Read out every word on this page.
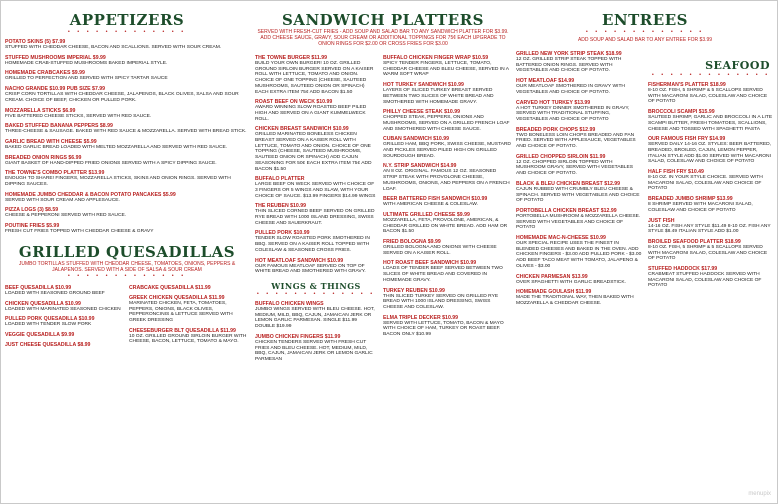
APPETIZERS
• • • • • • • • • • • • •
POTATO SKINS (5) $7.99
STUFFED WITH CHEDDAR CHEESE, BACON AND SCALLIONS. SERVED WITH SOUR CREAM.
STUFFED MUSHROOMS IMPERIAL $9.99
HOMEMADE CRAB-STUFFED MUSHROOMS BAKED IMPERIAL STYLE.
HOMEMADE CRABCAKES $9.99
GRILLED TO PERFECTION AND SERVED WITH SPICY TARTAR SAUCE
NACHO GRANDE $10.99 PUB SIZE $7.99
CRISP CORN TORTILLAS WITH CHEDDAR CHEESE, JALAPENOS, BLACK OLIVES, SALSA AND SOUR CREAM. CHOICE OF BEEF, CHICKEN OR PULLED PORK.
MOZZARELLA STICKS $6.99
FIVE BATTERED CHEESE STICKS, SERVED WITH RED SAUCE.
BAKED STUFFED BANANA PEPPERS $8.99
THREE-CHEESE & SAUSAGE. BAKED WITH RED SAUCE & MOZZARELLA. SERVED WITH BREAD STICK.
GARLIC BREAD WITH CHEESE $5.99
BAKED GARLIC BREAD LOADED WITH MELTED MOZZARELLA AND SERVED WITH RED SAUCE.
BREADED ONION RINGS $6.99
GIANT BASKET OF HAND-DIPPED FRIED ONIONS SERVED WITH A SPICY DIPPING SAUCE.
THE TOWNE'S COMBO PLATTER $13.99
ENOUGH TO SHARE! FINGERS, MOZZARELLA STICKS, SKINS AND ONION RINGS. SERVED WITH DIPPING SAUCES.
HOMEMADE JUMBO CHEDDAR & BACON POTATO PANCAKES $5.99
SERVED WITH SOUR CREAM AND APPLESAUCE.
PIZZA LOGS (3) $8.59
CHEESE & PEPPERONI SERVED WITH RED SAUCE.
POUTINE FRIES $5.99
FRESH CUT FRIES TOPPED WITH CHEDDAR CHEESE & GRAVY
GRILLED QUESADILLAS
JUMBO TORTILLAS STUFFED WITH CHEDDAR CHEESE, TOMATOES, ONIONS, PEPPERS & JALAPENOS. SERVED WITH A SIDE OF SALSA & SOUR CREAM
• • • • • • • • • • • • •
BEEF QUESADILLA $10.99
LOADED WITH SEASONED GROUND BEEF
CHICKEN QUESADILLA $10.99
LOADED WITH MARINATED SEASONED CHICKEN
PULLED PORK QUESADILLA $10.99
LOADED WITH TENDER SLOW PORK
VEGGIE QUESADILLA $9.99
JUST CHEESE QUESADILLA $8.99
CRABCAKE QUESADILLA $11.99
GREEK CHICKEN QUESADILLA $11.99
MARINATED CHICKEN, FETA, TOMATOES, PEPPERS, ONIONS, BLACK OLIVES, PEPPERONCINIS & LETTUCE SERVED WITH GREEK DRESSING
CHEESEBURGER BLT QUESADILLA $11.99
10 OZ. GRILLED GROUND SIRLOIN BURGER WITH CHEESE, BACON, LETTUCE, TOMATO & MAYO.
SANDWICH PLATTERS
SERVED WITH FRESH-CUT FRIES - ADD SOUP AND SALAD BAR TO ANY SANDWICH PLATTER FOR $3.99. ADD CHEESE SAUCE, GRAVY, SOUR CREAM OR ADDITIONAL TOPPINGS FOR 75¢ EACH UPGRADE TO ONION RINGS FOR $2.00 OR CROSS FRIES FOR $3.00
THE TOWNE BURGER $11.99
BUILD YOUR OWN BURGER! 10 OZ. GRILLED GROUND SIRLOIN BURGER SERVED ON A KAISER ROLL WITH LETTUCE, TOMATO AND ONION. CHOICE OF ONE TOPPING (CHEESE, SAUTEED MUSHROOMS, SAUTEED ONION OR SPINACH) EACH EXTRA ITEM 75¢ ADD BACON $1.50
ROAST BEEF ON WECK $10.99
AWARD WINNING SLOW ROASTED BEEF PILED HIGH AND SERVED ON A GIANT KUMMELWECK ROLL.
CHICKEN BREAST SANDWICH $10.99
GRILLED MARINATED BONELESS CHICKEN BREAST SERVED ON A KAISER ROLL WITH LETTUCE, TOMATO AND ONION. CHOICE OF ONE TOPPING (CHEESE, SAUTEED MUSHROOMS, SAUTEED ONION OR SPINACH) ADD CAJUN SEASONING FOR 50¢ EACH EXTRA ITEM 75¢ ADD BACON $1.50
BUFFALO PLATTER
LARGE BEEF ON WECK SERVED WITH CHOICE OF 3 FINGERS OR 5 WINGS AND SLAW, WITH YOUR CHOICE OF SAUCE. $13.99 FINGERS $14.99 WINGS
THE REUBEN $10.99
THIN SLICED CORNED BEEF SERVED ON GRILLED RYE BREAD WITH 1000 ISLAND DRESSING, SWISS CHEESE AND SAUERKRAUT.
PULLED PORK $10.99
TENDER SLOW ROASTED PORK SMOTHERED IN BBQ. SERVED ON A KAISER ROLL TOPPED WITH COLESLAW & SEASONED CROSS FRIES.
HOT MEATLOAF SANDWICH $10.99
OUR FAMOUS MEATLOAF SERVED ON TOP OF WHITE BREAD AND SMOTHERED WITH GRAVY.
WINGS & THINGS
• • • • • • • • • • • • •
BUFFALO CHICKEN WINGS
JUMBO WINGS SERVED WITH BLEU CHEESE. HOT, MEDIUM, MILD, BBQ, CAJUN, JAMAICAN JERK OR LEMON GARLIC PARMESAN. SINGLE $11.99 DOUBLE $19.99
JUMBO CHICKEN FINGERS $11.99
CHICKEN TENDERS SERVED WITH FRESH CUT FRIES AND BLEU CHEESE. HOT, MEDIUM, MILD, BBQ, CAJUN, JAMAICAN JERK OR LEMON GARLIC PARMESAN
BUFFALO CHICKEN FINGER WRAP $10.59
SPICY TENDER FINGERS, LETTUCE, TOMATO, CHEDDAR CHEESE AND BLEU CHEESE, SERVED IN A WARM SOFT WRAP
HOT TURKEY SANDWICH $10.99
LAYERS OF SLICED TURKEY BREAST SERVED BETWEEN TWO SLICES OF WHITE BREAD AND SMOTHERED WITH HOMEMADE GRAVY.
PHILLY CHEESE STEAK $10.99
CHOPPED STEAK, PEPPERS, ONIONS AND MUSHROOMS, SERVED ON A GRILLED FRENCH LOAF AND SMOTHERED WITH CHEESE SAUCE.
CUBAN SANDWICH $10.99
GRILLED HAM, BBQ PORK, SWISS CHEESE, MUSTARD AND PICKLES SERVED PILED HIGH ON GRILLED SOURDOUGH BREAD.
N.Y. STRIP SANDWICH $14.99
AN 8 OZ. ORIGINAL. FAMOUS 12 OZ. SEASONED STRIP STEAK WITH PROVOLONE CHEESE, MUSHROOMS, ONIONS, AND PEPPERS ON A FRENCH LOAF.
BEER BATTERED FISH SANDWICH $10.99
WITH AMERICAN CHEESE & COLESLAW.
ULTIMATE GRILLED CHEESE $9.99
MOZZARELLA, FETA, PROVOLONE, AMERICAN, & CHEDDAR GRILLED ON WHITE BREAD. ADD HAM OR BACON $1.50
FRIED BOLOGNA $9.99
GRILLED BOLOGNA AND ONIONS WITH CHEESE SERVED ON A KAISER ROLL.
HOT ROAST BEEF SANDWICH $10.99
LOADS OF TENDER BEEF SERVED BETWEEN TWO SLICES OF WHITE BREAD AND COVERED IN HOMEMADE GRAVY.
TURKEY REUBEN $10.99
THIN SLICED TURKEY SERVED ON GRILLED RYE BREAD WITH 1000 ISLAND DRESSING, SWISS CHEESE AND COLESLAW.
ELMA TRIPLE DECKER $10.99
SERVED WITH LETTUCE, TOMATO, BACON & MAYO WITH CHOICE OF HAM, TURKEY OR ROAST BEEF. BACON ONLY $10.99
ENTREES
• • • • • • • • • • • • •
ADD SOUP AND SALAD BAR TO ANY ENTREE FOR $3.99
GRILLED NEW YORK STRIP STEAK $18.99
12 OZ. GRILLED STRIP STEAK TOPPED WITH BATTERED ONION RINGS. SERVED WITH VEGETABLES AND CHOICE OF POTATO.
HOT MEATLOAF $14.99
OUR MEATLOAF SMOTHERED IN GRAVY WITH VEGETABLES AND CHOICE OF POTATO.
CARVED HOT TURKEY $13.99
A HOT TURKEY DINNER SMOTHERED IN GRAVY, SERVED WITH TRADITIONAL STUFFING, VEGETABLES AND CHOICE OF POTATO
BREADED PORK CHOPS $12.99
TWO BONELESS LOIN CHOPS BREADED AND PAN FRIED. SERVED WITH APPLESAUCE, VEGETABLES AND CHOICE OF POTATO.
GRILLED CHOPPED SIRLOIN $11.99
12 OZ. CHOPPED SIRLOIN TOPPED WITH MUSHROOM GRAVY, SERVED WITH VEGETABLES AND CHOICE OF POTATO.
BLACK & BLEU CHICKEN BREAST $12.99
CAJUN RUBBED WITH CRUMBLY BLEU CHEESE & SPINACH. SERVED WITH VEGETABLES AND CHOICE OF POTATO
PORTOBELLA CHICKEN BREAST $12.99
PORTOBELLA MUSHROOM & MOZZARELLA CHEESE. SERVED WITH VEGETABLES AND CHOICE OF POTATO
HOMEMADE MAC-N-CHEESE $10.99
OUR SPECIAL RECIPE USES THE FINEST IN BLENDED CHEESES AND BAKED IN THE OVEN. ADD CHICKEN FINGERS - $3.00 ADD PULLED PORK - $3.00 ADD BEEF TACO MEAT WITH TOMATO, JALAPENO & OLIVES - $3.00
CHICKEN PARMESAN $13.99
OVER SPAGHETTI WITH GARLIC BREADSTICK.
HOMEMADE GOULASH $11.99
MADE THE TRADITIONAL WAY, THEN BAKED WITH MOZZARELLA & CHEDDAR CHEESE.
SEAFOOD
• • • • • • • • • • • • •
FISHERMAN'S PLATTER $18.99
8-10 OZ. FISH, 5 SHRIMP & 5 SCALLOPS SERVED WITH MACARONI SALAD, COLESLAW AND CHOICE OF POTATO
BROCCOLI SCAMPI $15.99
SAUTEED SHRIMP, GARLIC AND BROCCOLI IN A LITE SCAMPI BUTTER, FRESH TOMATOES, SCALLIONS, CHEESE AND TOSSED WITH SPAGHETTI PASTA
OUR FAMOUS FISH FRY $14.99
SERVED DAILY 14-16 OZ. STYLES: BEER BATTERED, BREADED, BROILED, CAJUN, LEMON PEPPER, ITALIAN STYLE ADD $1.00 SERVED WITH MACARONI SALAD, COLESLAW AND CHOICE OF POTATO
HALF FISH FRY $10.49
8-10 OZ. IN YOUR STYLE CHOICE. SERVED WITH MACARONI SALAD, COLESLAW AND CHOICE OF POTATO
BREADED JUMBO SHRIMP $13.99
8 SHRIMP SERVED WITH MACARONI SALAD, COLESLAW AND CHOICE OF POTATO
JUST FISH
14-16 OZ. FISH ANY STYLE $11.49 8-10 OZ. FISH ANY STYLE $8.49 ITALIAN STYLE ADD $1.00
BROILED SEAFOOD PLATTER $18.99
8-10 OZ. FISH, 5 SHRIMP & 5 SCALLOPS SERVED WITH MACARONI SALAD, COLESLAW AND CHOICE OF POTATO
STUFFED HADDOCK $17.99
CRABMEAT STUFFED HADDOCK SERVED WITH MACARONI SALAD, COLESLAW AND CHOICE OF POTATO
menupix
